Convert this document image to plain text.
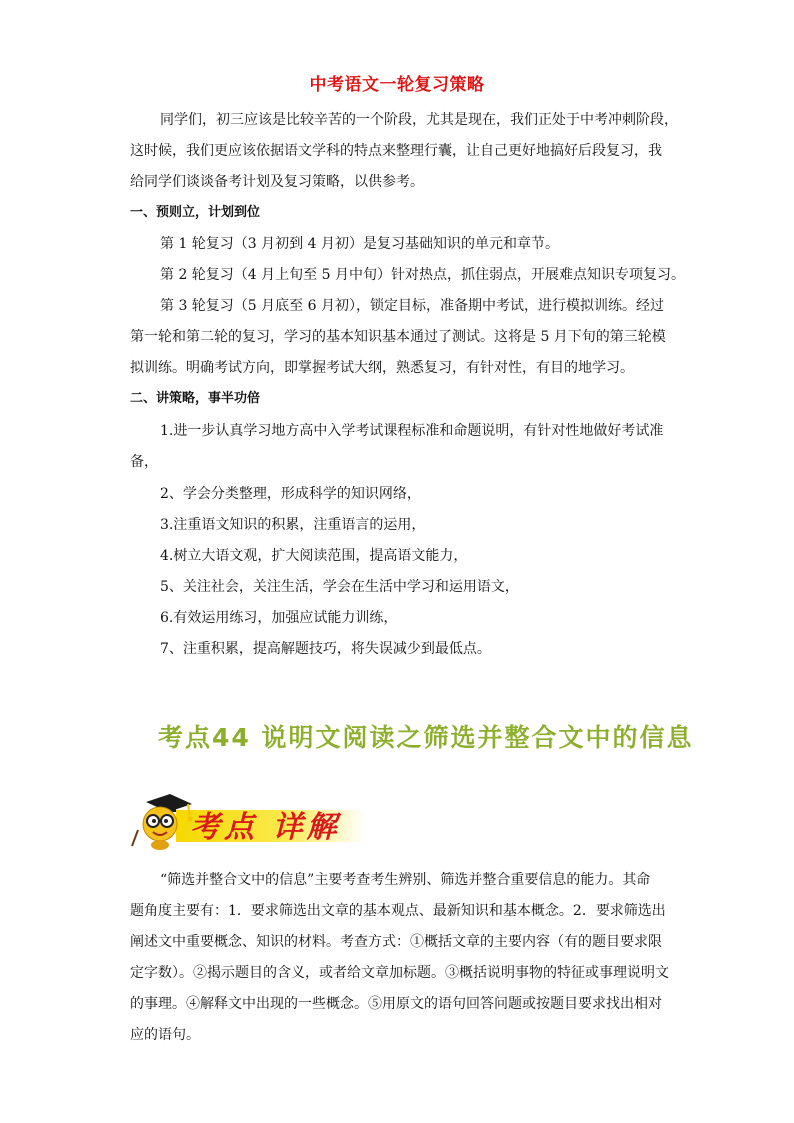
中考语文一轮复习策略
同学们，初三应该是比较辛苦的一个阶段，尤其是现在，我们正处于中考冲刺阶段，
这时候，我们更应该依据语文学科的特点来整理行囊，让自己更好地搞好后段复习，我
给同学们谈谈备考计划及复习策略，以供参考。
一、预则立，计划到位
第 1 轮复习（3 月初到 4 月初）是复习基础知识的单元和章节。
第 2 轮复习（4 月上旬至 5 月中旬）针对热点，抓住弱点，开展难点知识专项复习。
第 3 轮复习（5 月底至 6 月初），锁定目标，准备期中考试，进行模拟训练。经过
第一轮和第二轮的复习，学习的基本知识基本通过了测试。这将是 5 月下旬的第三轮模
拟训练。明确考试方向，即掌握考试大纲，熟悉复习，有针对性，有目的地学习。
二、讲策略，事半功倍
1.进一步认真学习地方高中入学考试课程标准和命题说明，有针对性地做好考试准
备，
2、学会分类整理，形成科学的知识网络，
3.注重语文知识的积累，注重语言的运用，
4.树立大语文观，扩大阅读范围，提高语文能力，
5、关注社会，关注生活，学会在生活中学习和运用语文，
6.有效运用练习，加强应试能力训练，
7、注重积累，提高解题技巧，将失误减少到最低点。
考点44 说明文阅读之筛选并整合文中的信息
考点 详解
“筛选并整合文中的信息”主要考查考生辨别、筛选并整合重要信息的能力。其命
题角度主要有：1．要求筛选出文章的基本观点、最新知识和基本概念。2．要求筛选出
阐述文中重要概念、知识的材料。考查方式：①概括文章的主要内容（有的题目要求限
定字数）。②揭示题目的含义，或者给文章加标题。③概括说明事物的特征或事理说明文
的事理。④解释文中出现的一些概念。⑤用原文的语句回答问题或按题目要求找出相对
应的语句。
